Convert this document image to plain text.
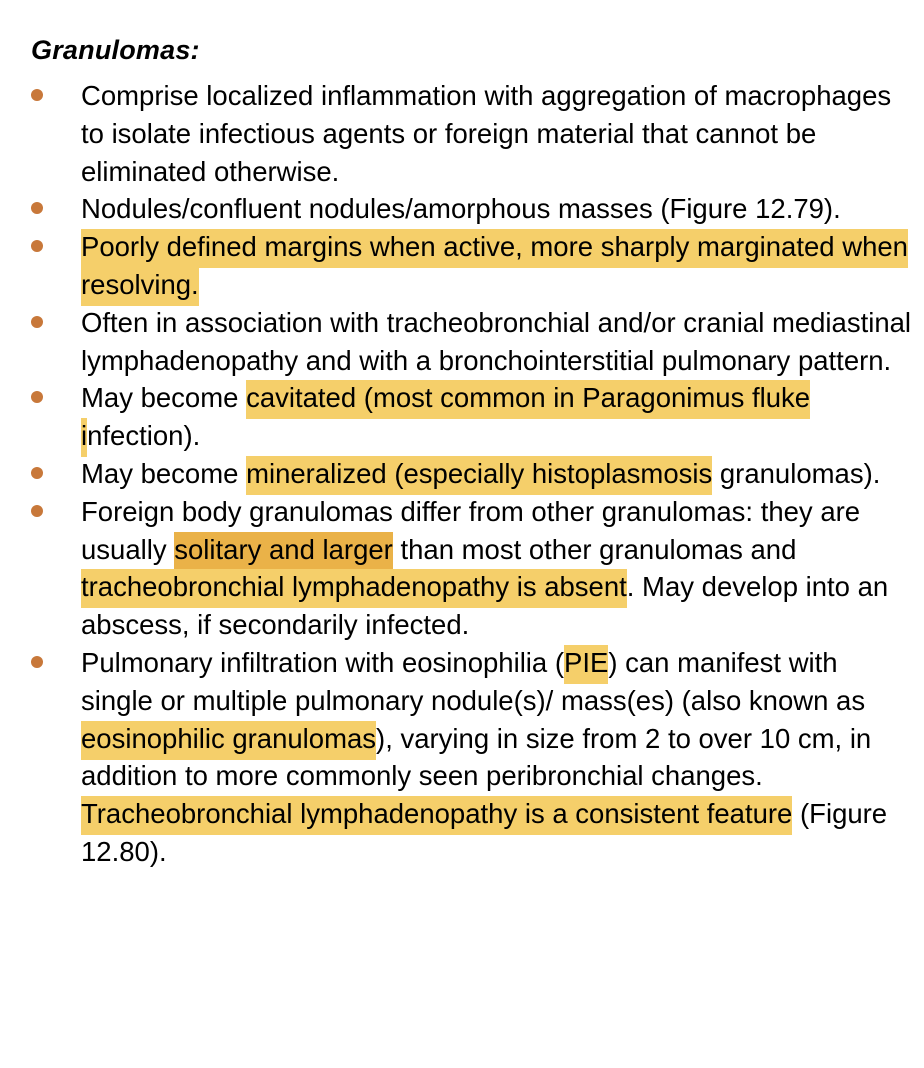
Granulomas:
Comprise localized inflammation with aggregation of macrophages to isolate infectious agents or foreign material that cannot be eliminated otherwise.
Nodules/confluent nodules/amorphous masses (Figure 12.79).
Poorly defined margins when active, more sharply marginated when resolving.
Often in association with tracheobronchial and/or cranial mediastinal lymphadenopathy and with a bronchointerstitial pulmonary pattern.
May become cavitated (most common in Paragonimus fluke infection).
May become mineralized (especially histoplasmosis granulomas).
Foreign body granulomas differ from other granulomas: they are usually solitary and larger than most other granulomas and tracheobronchial lymphadenopathy is absent. May develop into an abscess, if secondarily infected.
Pulmonary infiltration with eosinophilia (PIE) can manifest with single or multiple pulmonary nodule(s)/ mass(es) (also known as eosinophilic granulomas), varying in size from 2 to over 10 cm, in addition to more commonly seen peribronchial changes. Tracheobronchial lymphadenopathy is a consistent feature (Figure 12.80).
